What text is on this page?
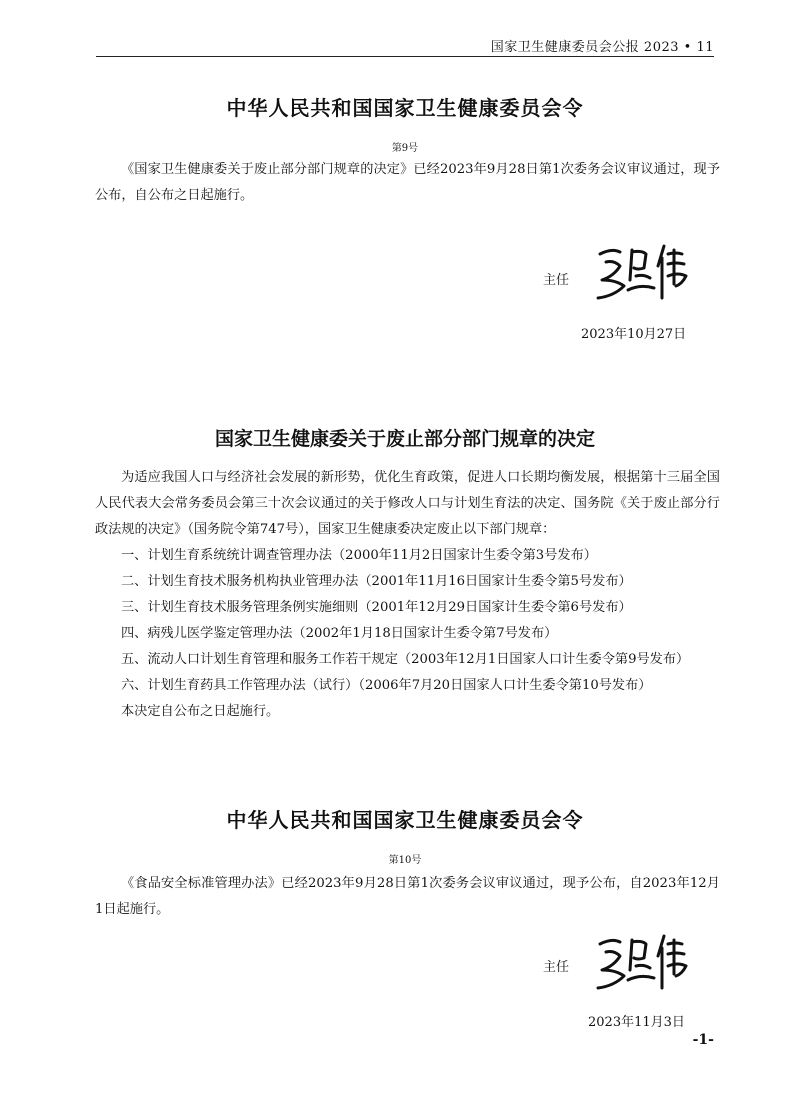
国家卫生健康委员会公报 2023 • 11
中华人民共和国国家卫生健康委员会令
第9号

《国家卫生健康委关于废止部分部门规章的决定》已经2023年9月28日第1次委务会议审议通过，现予公布，自公布之日起施行。

主任
2023年10月27日
国家卫生健康委关于废止部分部门规章的决定

为适应我国人口与经济社会发展的新形势，优化生育政策，促进人口长期均衡发展，根据第十三届全国人民代表大会常务委员会第三十次会议通过的关于修改人口与计划生育法的决定、国务院《关于废止部分行政法规的决定》（国务院令第747号），国家卫生健康委决定废止以下部门规章：

一、计划生育系统统计调查管理办法（2000年11月2日国家计生委令第3号发布）
二、计划生育技术服务机构执业管理办法（2001年11月16日国家计生委令第5号发布）
三、计划生育技术服务管理条例实施细则（2001年12月29日国家计生委令第6号发布）
四、病残儿医学鉴定管理办法（2002年1月18日国家计生委令第7号发布）
五、流动人口计划生育管理和服务工作若干规定（2003年12月1日国家人口计生委令第9号发布）
六、计划生育药具工作管理办法（试行）（2006年7月20日国家人口计生委令第10号发布）
本决定自公布之日起施行。
中华人民共和国国家卫生健康委员会令
第10号

《食品安全标准管理办法》已经2023年9月28日第1次委务会议审议通过，现予公布，自2023年12月1日起施行。

主任
2023年11月3日
-1-
